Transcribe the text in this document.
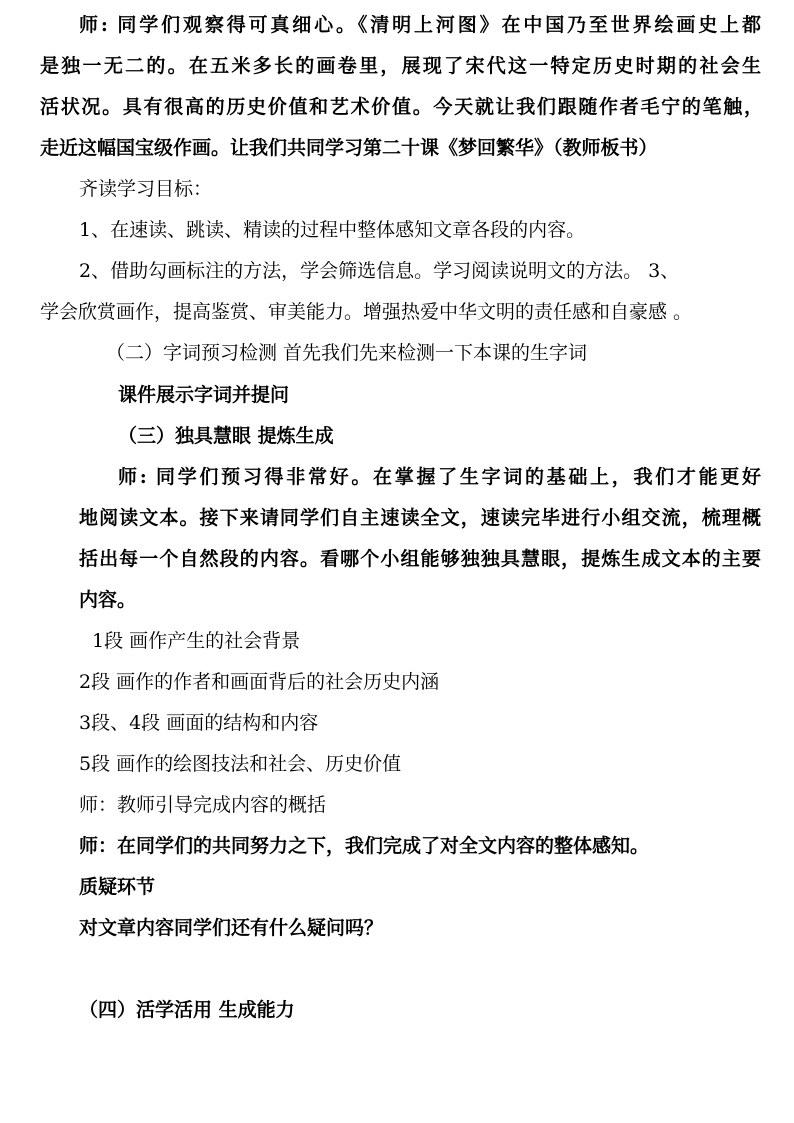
师: 同学们观察得可真细心。《清明上河图》在中国乃至世界绘画史上都

是独一无二的。在五米多长的画卷里，展现了宋代这一特定历史时期的社会生

活状况。具有很高的历史价值和艺术价值。今天就让我们跟随作者毛宁的笔触，

走近这幅国宝级作画。让我们共同学习第二十课《梦回繁华》（教师板书）

齐读学习目标：

1、在速读、跳读、精读的过程中整体感知文章各段的内容。

2、借助勾画标注的方法，学会筛选信息。学习阅读说明文的方法。 3、

学会欣赏画作，提高鉴赏、审美能力。增强热爱中华文明的责任感和自豪感 。

（二）字词预习检测 首先我们先来检测一下本课的生字词

课件展示字词并提问

（三）独具慧眼 提炼生成

师: 同学们预习得非常好。在掌握了生字词的基础上，我们才能更好

地阅读文本。接下来请同学们自主速读全文，速读完毕进行小组交流，梳理概

括出每一个自然段的内容。看哪个小组能够独独具慧眼，提炼生成文本的主要

内容。

1段 画作产生的社会背景

2段 画作的作者和画面背后的社会历史内涵

3段、4段 画面的结构和内容

5段 画作的绘图技法和社会、历史价值

师：教师引导完成内容的概括

师：在同学们的共同努力之下，我们完成了对全文内容的整体感知。

质疑环节

对文章内容同学们还有什么疑问吗？

（四）活学活用 生成能力
